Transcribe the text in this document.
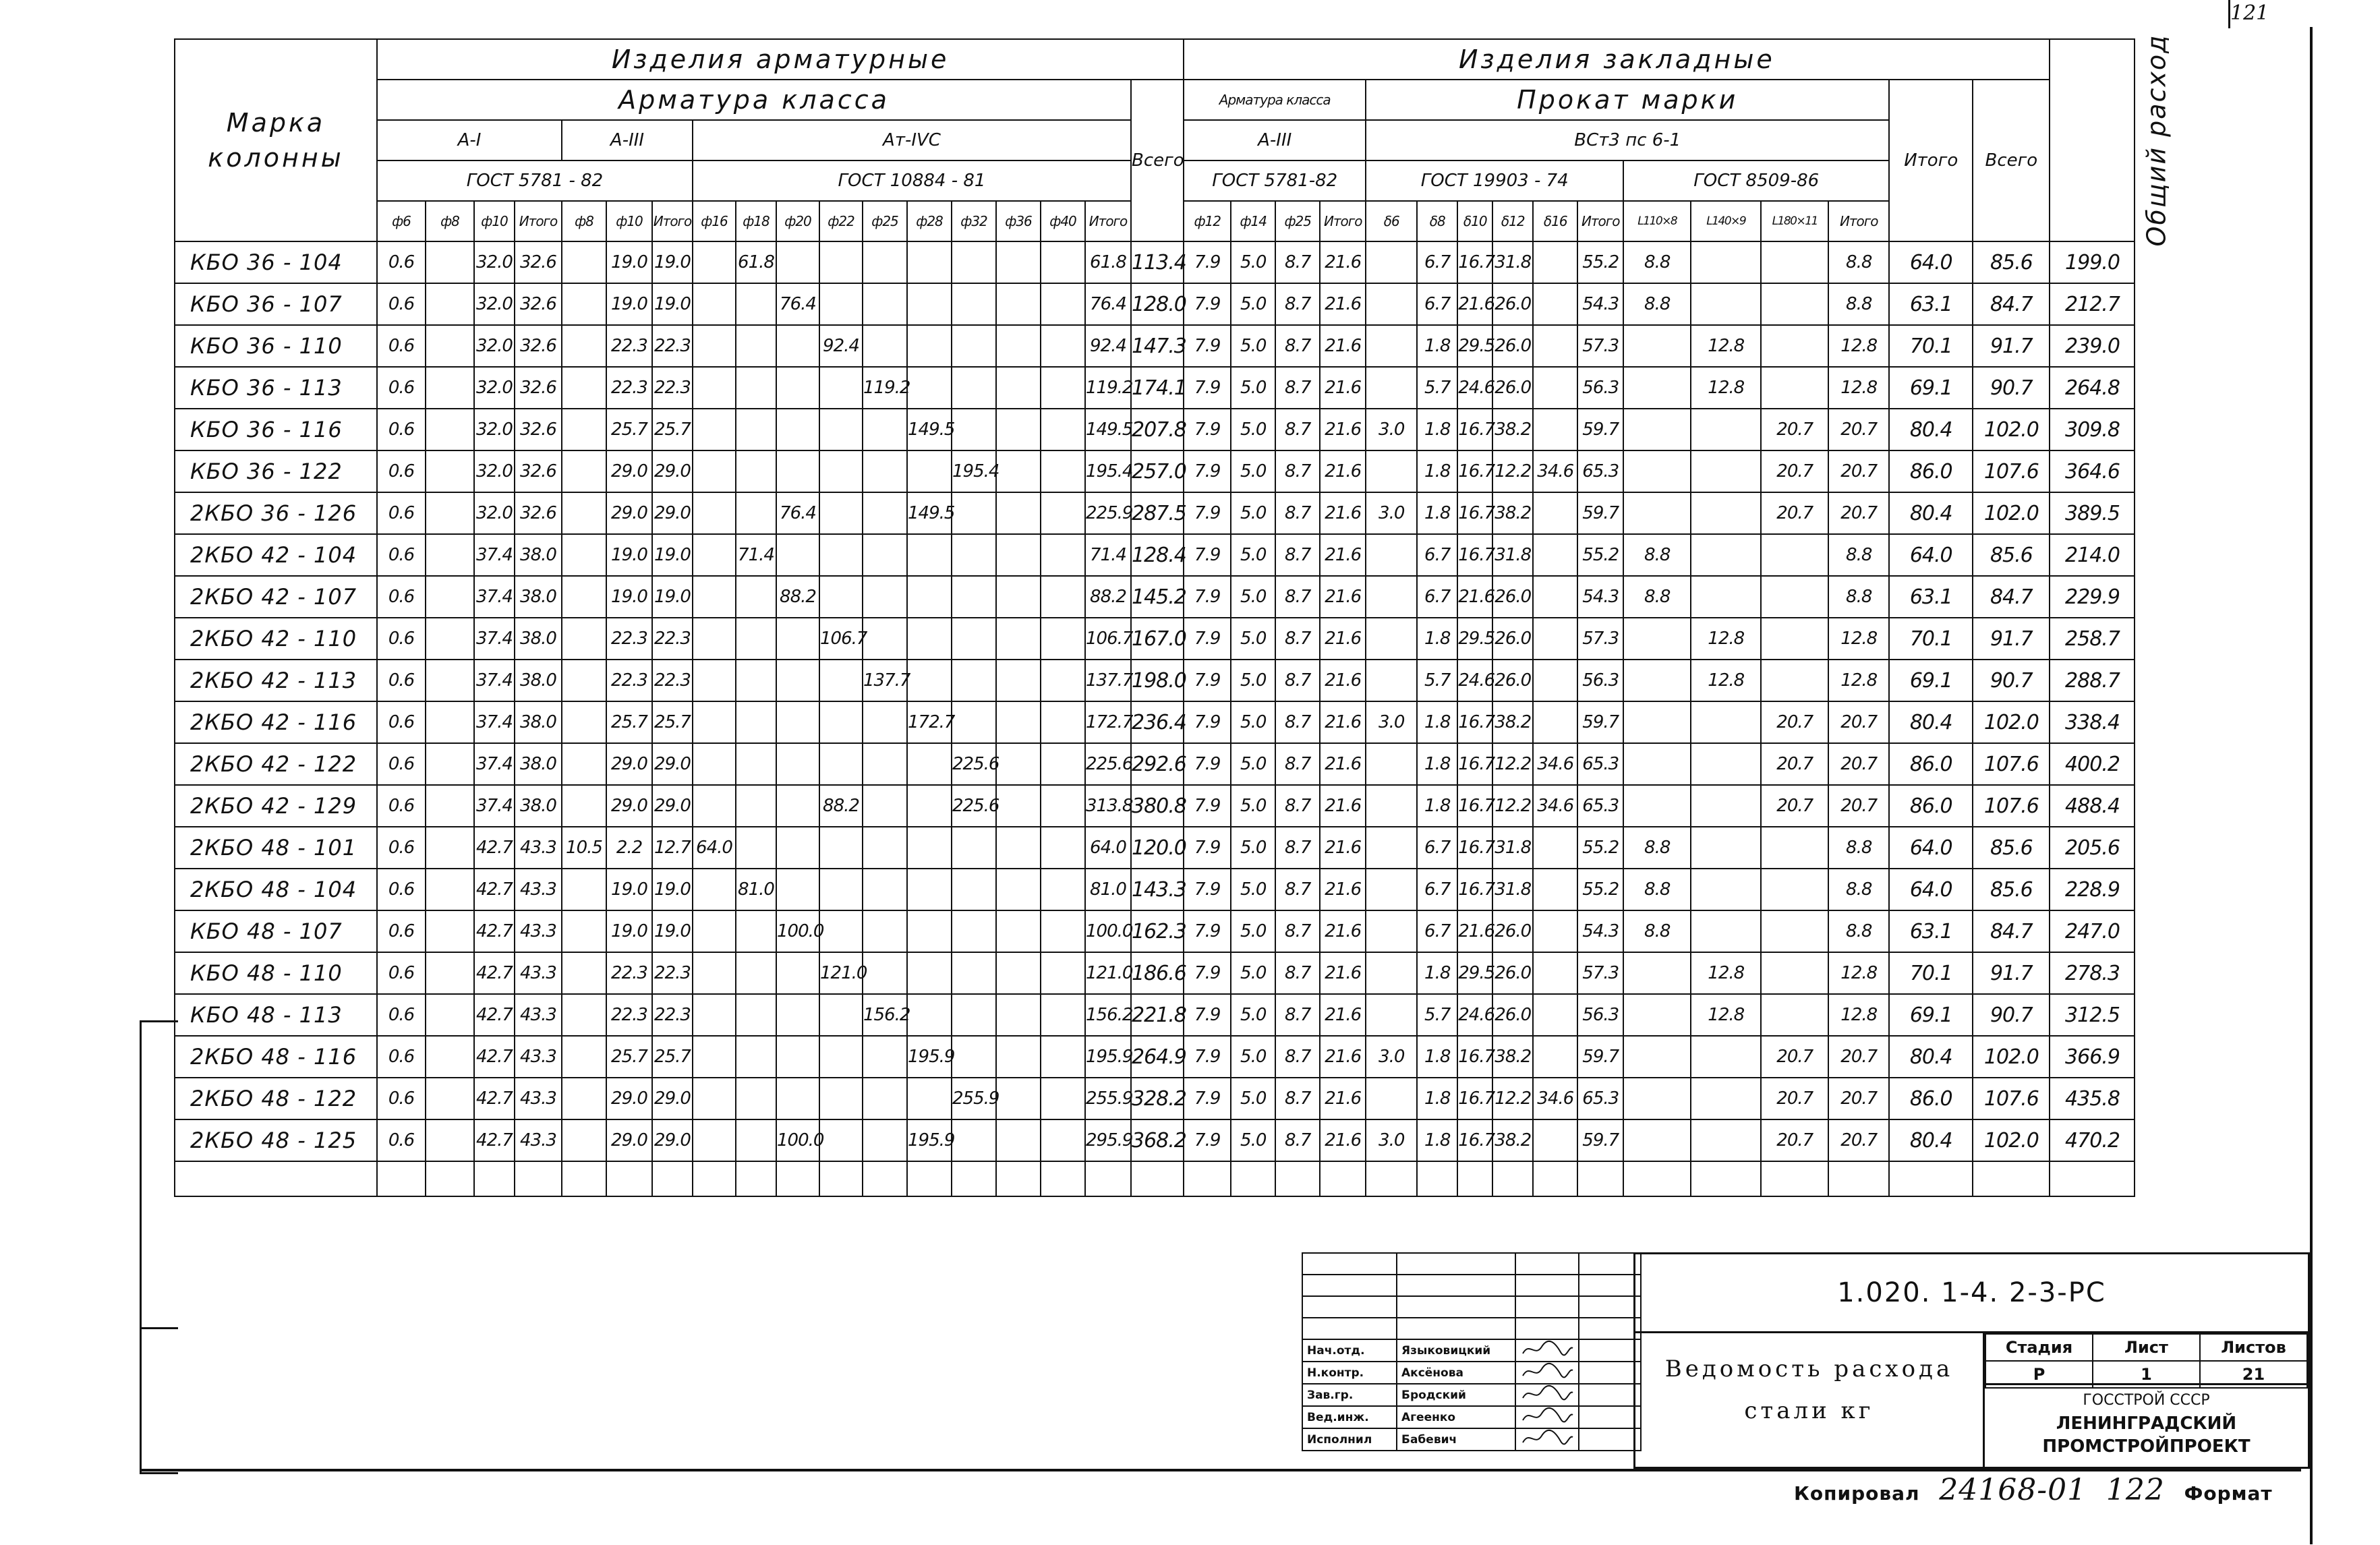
121
Марка колонны	Изделия арматурные																		Изделия закладные																Общий расход
	Арматура класса																	Всего	Арматура класса				Прокат марки										Итого	Всего	
	А-I				А-III			Ат-IVС											А-III				ВСт3 пс 6-1												
	ГОСТ 5781 - 82							ГОСТ 10884 - 81											ГОСТ 5781-82				ГОСТ 19903 - 74						ГОСТ 8509-86						
	ф6	ф8	ф10	Итого	ф8	ф10	Итого	ф16	ф18	ф20	ф22	ф25	ф28	ф32	ф36	ф40	Итого		ф12	ф14	ф25	Итого	δ6	δ8	δ10	δ12	δ16	Итого	L110×8	L140×9	L180×11	Итого			
КБО 36 - 104	0.6		32.0	32.6		19.0	19.0		61.8								61.8	113.4	7.9	5.0	8.7	21.6		6.7	16.7	31.8		55.2	8.8			8.8	64.0	85.6	199.0
КБО 36 - 107	0.6		32.0	32.6		19.0	19.0			76.4							76.4	128.0	7.9	5.0	8.7	21.6		6.7	21.6	26.0		54.3	8.8			8.8	63.1	84.7	212.7
КБО 36 - 110	0.6		32.0	32.6		22.3	22.3				92.4						92.4	147.3	7.9	5.0	8.7	21.6		1.8	29.5	26.0		57.3		12.8		12.8	70.1	91.7	239.0
КБО 36 - 113	0.6		32.0	32.6		22.3	22.3					119.2					119.2	174.1	7.9	5.0	8.7	21.6		5.7	24.6	26.0		56.3		12.8		12.8	69.1	90.7	264.8
КБО 36 - 116	0.6		32.0	32.6		25.7	25.7						149.5				149.5	207.8	7.9	5.0	8.7	21.6	3.0	1.8	16.7	38.2		59.7			20.7	20.7	80.4	102.0	309.8
КБО 36 - 122	0.6		32.0	32.6		29.0	29.0							195.4			195.4	257.0	7.9	5.0	8.7	21.6		1.8	16.7	12.2	34.6	65.3			20.7	20.7	86.0	107.6	364.6
2КБО 36 - 126	0.6		32.0	32.6		29.0	29.0			76.4			149.5				225.9	287.5	7.9	5.0	8.7	21.6	3.0	1.8	16.7	38.2		59.7			20.7	20.7	80.4	102.0	389.5
2КБО 42 - 104	0.6		37.4	38.0		19.0	19.0		71.4								71.4	128.4	7.9	5.0	8.7	21.6		6.7	16.7	31.8		55.2	8.8			8.8	64.0	85.6	214.0
2КБО 42 - 107	0.6		37.4	38.0		19.0	19.0			88.2							88.2	145.2	7.9	5.0	8.7	21.6		6.7	21.6	26.0		54.3	8.8			8.8	63.1	84.7	229.9
2КБО 42 - 110	0.6		37.4	38.0		22.3	22.3				106.7						106.7	167.0	7.9	5.0	8.7	21.6		1.8	29.5	26.0		57.3		12.8		12.8	70.1	91.7	258.7
2КБО 42 - 113	0.6		37.4	38.0		22.3	22.3					137.7					137.7	198.0	7.9	5.0	8.7	21.6		5.7	24.6	26.0		56.3		12.8		12.8	69.1	90.7	288.7
2КБО 42 - 116	0.6		37.4	38.0		25.7	25.7						172.7				172.7	236.4	7.9	5.0	8.7	21.6	3.0	1.8	16.7	38.2		59.7			20.7	20.7	80.4	102.0	338.4
2КБО 42 - 122	0.6		37.4	38.0		29.0	29.0							225.6			225.6	292.6	7.9	5.0	8.7	21.6		1.8	16.7	12.2	34.6	65.3			20.7	20.7	86.0	107.6	400.2
2КБО 42 - 129	0.6		37.4	38.0		29.0	29.0				88.2			225.6			313.8	380.8	7.9	5.0	8.7	21.6		1.8	16.7	12.2	34.6	65.3			20.7	20.7	86.0	107.6	488.4
2КБО 48 - 101	0.6		42.7	43.3	10.5	2.2	12.7	64.0									64.0	120.0	7.9	5.0	8.7	21.6		6.7	16.7	31.8		55.2	8.8			8.8	64.0	85.6	205.6
2КБО 48 - 104	0.6		42.7	43.3		19.0	19.0		81.0								81.0	143.3	7.9	5.0	8.7	21.6		6.7	16.7	31.8		55.2	8.8			8.8	64.0	85.6	228.9
КБО 48 - 107	0.6		42.7	43.3		19.0	19.0			100.0							100.0	162.3	7.9	5.0	8.7	21.6		6.7	21.6	26.0		54.3	8.8			8.8	63.1	84.7	247.0
КБО 48 - 110	0.6		42.7	43.3		22.3	22.3				121.0						121.0	186.6	7.9	5.0	8.7	21.6		1.8	29.5	26.0		57.3		12.8		12.8	70.1	91.7	278.3
КБО 48 - 113	0.6		42.7	43.3		22.3	22.3					156.2					156.2	221.8	7.9	5.0	8.7	21.6		5.7	24.6	26.0		56.3		12.8		12.8	69.1	90.7	312.5
2КБО 48 - 116	0.6		42.7	43.3		25.7	25.7						195.9				195.9	264.9	7.9	5.0	8.7	21.6	3.0	1.8	16.7	38.2		59.7			20.7	20.7	80.4	102.0	366.9
2КБО 48 - 122	0.6		42.7	43.3		29.0	29.0							255.9			255.9	328.2	7.9	5.0	8.7	21.6		1.8	16.7	12.2	34.6	65.3			20.7	20.7	86.0	107.6	435.8
2КБО 48 - 125	0.6		42.7	43.3		29.0	29.0			100.0			195.9				295.9	368.2	7.9	5.0	8.7	21.6	3.0	1.8	16.7	38.2		59.7			20.7	20.7	80.4	102.0	470.2

Нач.отд.	Языковицкий		
Н.контр.	Аксёнова		
Зав.гр.	Бродский		
Вед.инж.	Агеенко		
Исполнил	Бабевич		
1.020. 1-4. 2-3-РС
Ведомость расхода
стали кг
Стадия	Лист	Листов
Р	1	21
ГОССТРОЙ СССР
ЛЕНИНГРАДСКИЙ
ПРОМСТРОЙПРОЕКТ
Копировал 24168-01 122 Формат
